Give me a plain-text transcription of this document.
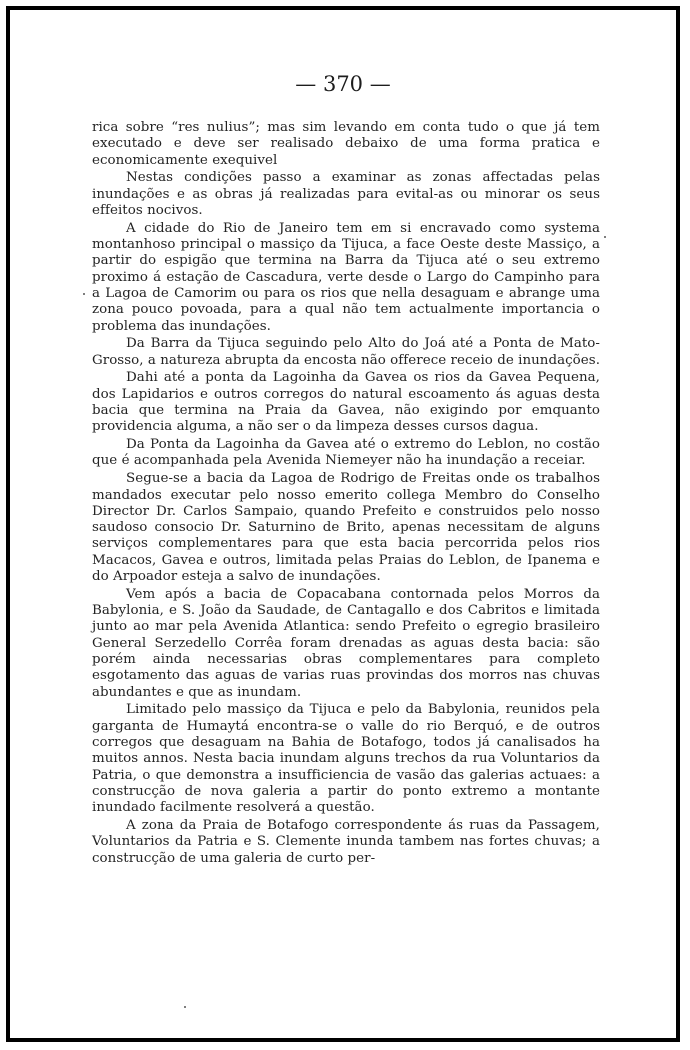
— 370 —

rica sobre “res nulius”; mas sim levando em conta tudo o que já tem executado e deve ser realisado debaixo de uma forma pratica e economicamente exequivel

Nestas condições passo a examinar as zonas affectadas pelas inundações e as obras já realizadas para evital-as ou minorar os seus effeitos nocivos.

A cidade do Rio de Janeiro tem em si encravado como systema montanhoso principal o massiço da Tijuca, a face Oeste deste Massiço, a partir do espigão que termina na Barra da Tijuca até o seu extremo proximo á estação de Cascadura, verte desde o Largo do Campinho para a Lagoa de Camorim ou para os rios que nella desaguam e abrange uma zona pouco povoada, para a qual não tem actualmente importancia o problema das inundações.

Da Barra da Tijuca seguindo pelo Alto do Joá até a Ponta de Mato-Grosso, a natureza abrupta da encosta não offerece receio de inundações.

Dahi até a ponta da Lagoinha da Gavea os rios da Gavea Pequena, dos Lapidarios e outros corregos do natural escoamento ás aguas desta bacia que termina na Praia da Gavea, não exigindo por emquanto providencia alguma, a não ser o da limpeza desses cursos dagua.

Da Ponta da Lagoinha da Gavea até o extremo do Leblon, no costão que é acompanhada pela Avenida Niemeyer não ha inundação a receiar.

Segue-se a bacia da Lagoa de Rodrigo de Freitas onde os trabalhos mandados executar pelo nosso emerito collega Membro do Conselho Director Dr. Carlos Sampaio, quando Prefeito e construidos pelo nosso saudoso consocio Dr. Saturnino de Brito, apenas necessitam de alguns serviços complementares para que esta bacia percorrida pelos rios Macacos, Gavea e outros, limitada pelas Praias do Leblon, de Ipanema e do Arpoador esteja a salvo de inundações.

Vem após a bacia de Copacabana contornada pelos Morros da Babylonia, e S. João da Saudade, de Cantagallo e dos Cabritos e limitada junto ao mar pela Avenida Atlantica: sendo Prefeito o egregio brasileiro General Serzedello Corrêa foram drenadas as aguas desta bacia: são porém ainda necessarias obras complementares para completo esgotamento das aguas de varias ruas provindas dos morros nas chuvas abundantes e que as inundam.

Limitado pelo massiço da Tijuca e pelo da Babylonia, reunidos pela garganta de Humaytá encontra-se o valle do rio Berquó, e de outros corregos que desaguam na Bahia de Botafogo, todos já canalisados ha muitos annos. Nesta bacia inundam alguns trechos da rua Voluntarios da Patria, o que demonstra a insufficiencia de vasão das galerias actuaes: a construcção de nova galeria a partir do ponto extremo a montante inundado facilmente resolverá a questão.

A zona da Praia de Botafogo correspondente ás ruas da Passagem, Voluntarios da Patria e S. Clemente inunda tambem nas fortes chuvas; a construcção de uma galeria de curto per-
